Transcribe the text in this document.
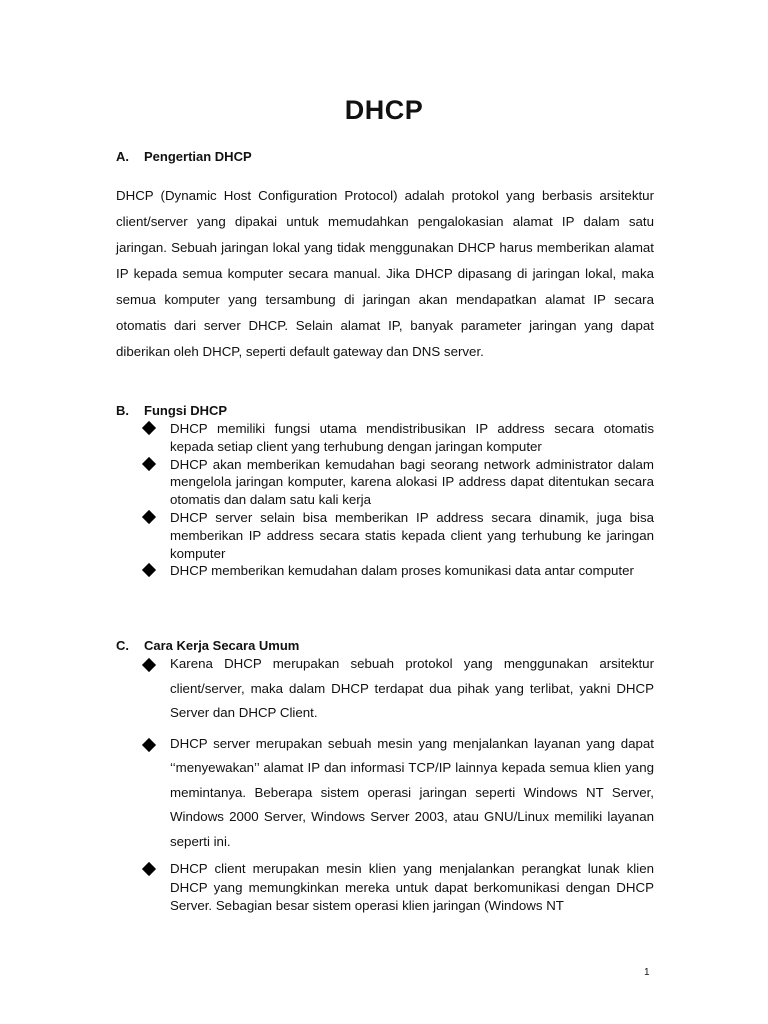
DHCP
A. Pengertian DHCP
DHCP (Dynamic Host Configuration Protocol) adalah protokol yang berbasis arsitektur client/server yang dipakai untuk memudahkan pengalokasian alamat IP dalam satu jaringan. Sebuah jaringan lokal yang tidak menggunakan DHCP harus memberikan alamat IP kepada semua komputer secara manual. Jika DHCP dipasang di jaringan lokal, maka semua komputer yang tersambung di jaringan akan mendapatkan alamat IP secara otomatis dari server DHCP. Selain alamat IP, banyak parameter jaringan yang dapat diberikan oleh DHCP, seperti default gateway dan DNS server.
B. Fungsi DHCP
DHCP memiliki fungsi utama mendistribusikan IP address secara otomatis kepada setiap client yang terhubung dengan jaringan komputer
DHCP akan memberikan kemudahan bagi seorang network administrator dalam mengelola jaringan komputer, karena alokasi IP address dapat ditentukan secara otomatis dan dalam satu kali kerja
DHCP server selain bisa memberikan IP address secara dinamik, juga bisa memberikan IP address secara statis kepada client yang terhubung ke jaringan komputer
DHCP memberikan kemudahan dalam proses komunikasi data antar computer
C. Cara Kerja Secara Umum
Karena DHCP merupakan sebuah protokol yang menggunakan arsitektur client/server, maka dalam DHCP terdapat dua pihak yang terlibat, yakni DHCP Server dan DHCP Client.
DHCP server merupakan sebuah mesin yang menjalankan layanan yang dapat ‘‘menyewakan’’ alamat IP dan informasi TCP/IP lainnya kepada semua klien yang memintanya. Beberapa sistem operasi jaringan seperti Windows NT Server, Windows 2000 Server, Windows Server 2003, atau GNU/Linux memiliki layanan seperti ini.
DHCP client merupakan mesin klien yang menjalankan perangkat lunak klien DHCP yang memungkinkan mereka untuk dapat berkomunikasi dengan DHCP Server. Sebagian besar sistem operasi klien jaringan (Windows NT
1
